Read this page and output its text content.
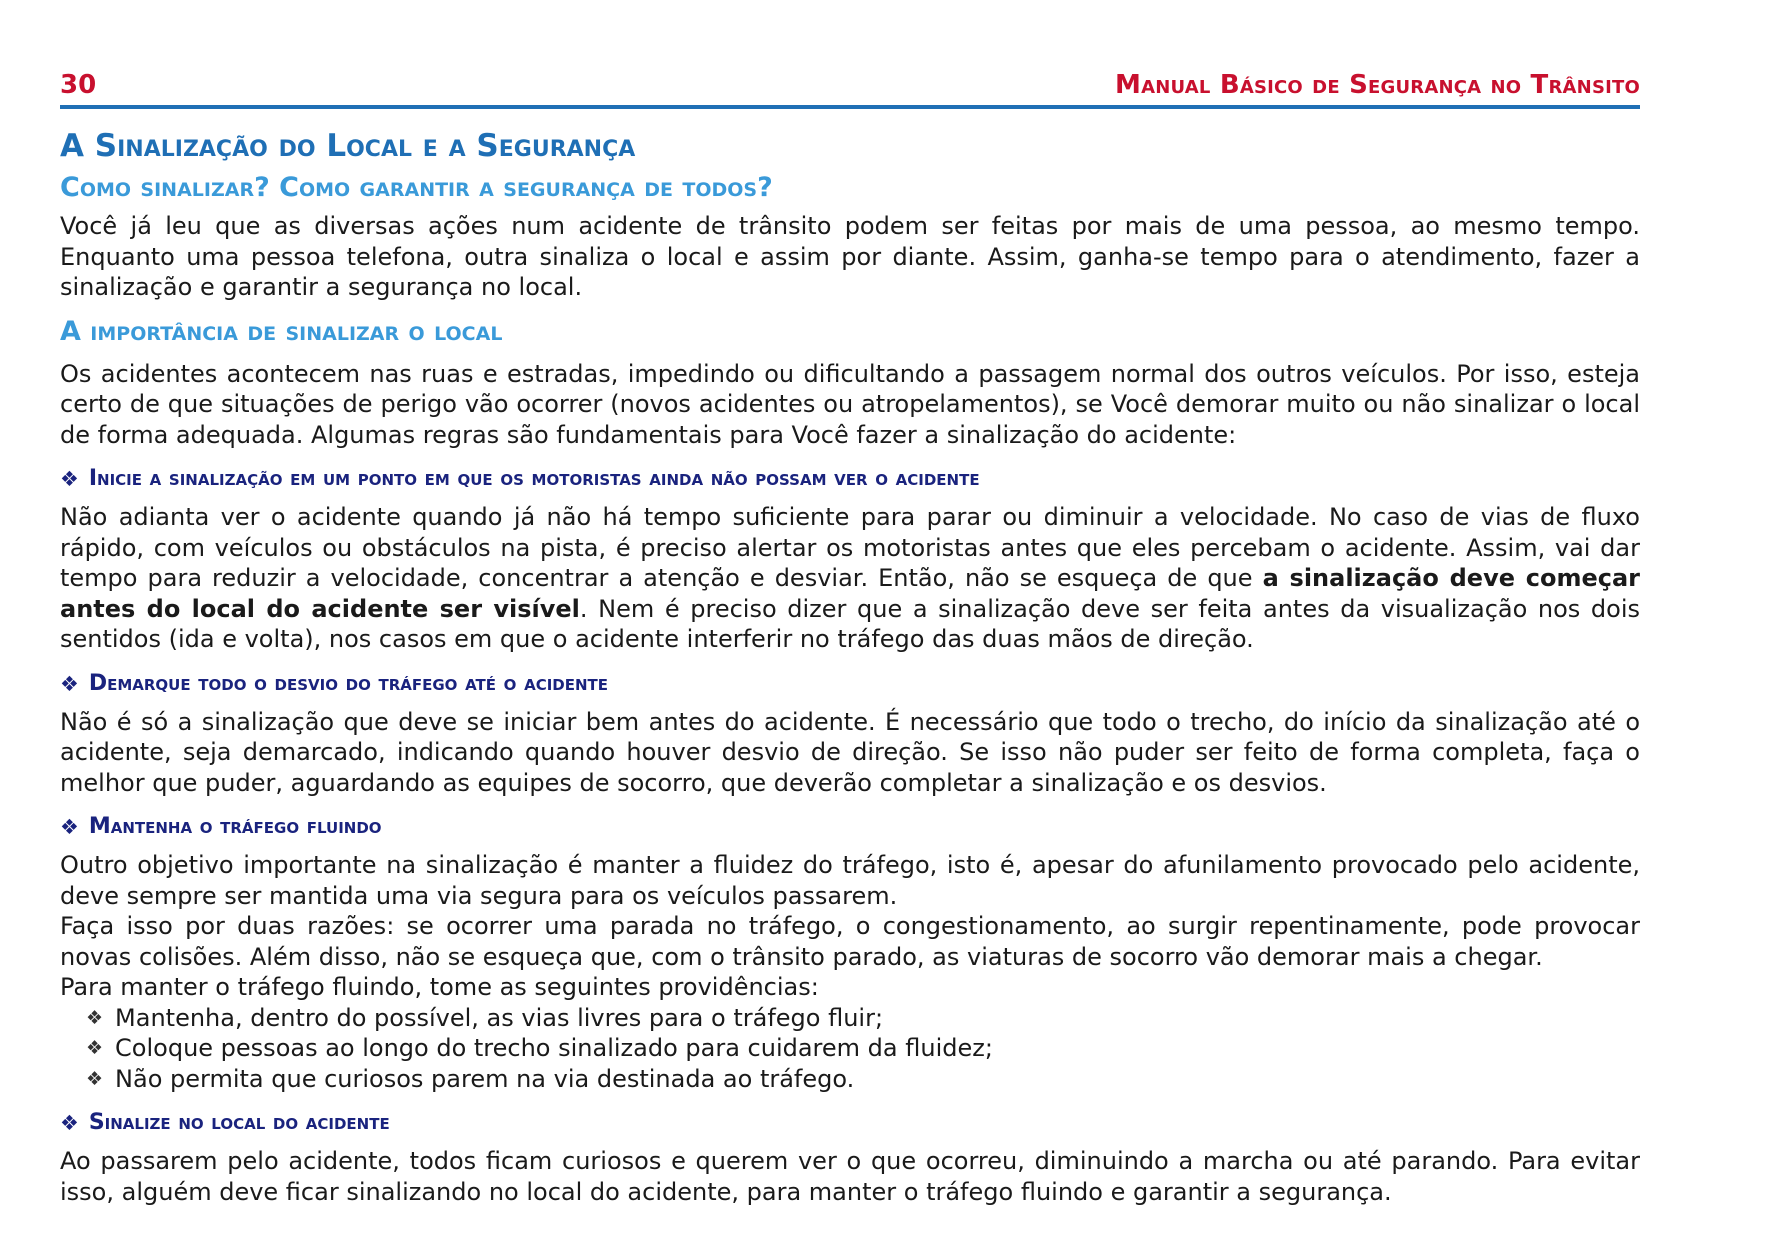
30	Manual Básico de Segurança no Trânsito
A Sinalização do Local e a Segurança
Como sinalizar? Como garantir a segurança de todos?

Você já leu que as diversas ações num acidente de trânsito podem ser feitas por mais de uma pessoa, ao mesmo tempo. Enquanto uma pessoa telefona, outra sinaliza o local e assim por diante. Assim, ganha-se tempo para o atendimento, fazer a sinalização e garantir a segurança no local.

A importância de sinalizar o local

Os acidentes acontecem nas ruas e estradas, impedindo ou dificultando a passagem normal dos outros veículos. Por isso, esteja certo de que situações de perigo vão ocorrer (novos acidentes ou atropelamentos), se Você demorar muito ou não sinalizar o local de forma adequada. Algumas regras são fundamentais para Você fazer a sinalização do acidente:

❖ Inicie a sinalização em um ponto em que os motoristas ainda não possam ver o acidente

Não adianta ver o acidente quando já não há tempo suficiente para parar ou diminuir a velocidade. No caso de vias de fluxo rápido, com veículos ou obstáculos na pista, é preciso alertar os motoristas antes que eles percebam o acidente. Assim, vai dar tempo para reduzir a velocidade, concentrar a atenção e desviar. Então, não se esqueça de que a sinalização deve começar antes do local do acidente ser visível. Nem é preciso dizer que a sinalização deve ser feita antes da visualização nos dois sentidos (ida e volta), nos casos em que o acidente interferir no tráfego das duas mãos de direção.

❖ Demarque todo o desvio do tráfego até o acidente

Não é só a sinalização que deve se iniciar bem antes do acidente. É necessário que todo o trecho, do início da sinalização até o acidente, seja demarcado, indicando quando houver desvio de direção. Se isso não puder ser feito de forma completa, faça o melhor que puder, aguardando as equipes de socorro, que deverão completar a sinalização e os desvios.

❖ Mantenha o tráfego fluindo

Outro objetivo importante na sinalização é manter a fluidez do tráfego, isto é, apesar do afunilamento provocado pelo acidente, deve sempre ser mantida uma via segura para os veículos passarem.

Faça isso por duas razões: se ocorrer uma parada no tráfego, o congestionamento, ao surgir repentinamente, pode provocar novas colisões. Além disso, não se esqueça que, com o trânsito parado, as viaturas de socorro vão demorar mais a chegar.

Para manter o tráfego fluindo, tome as seguintes providências:

❖ Mantenha, dentro do possível, as vias livres para o tráfego fluir;
❖ Coloque pessoas ao longo do trecho sinalizado para cuidarem da fluidez;
❖ Não permita que curiosos parem na via destinada ao tráfego.
❖ Sinalize no local do acidente

Ao passarem pelo acidente, todos ficam curiosos e querem ver o que ocorreu, diminuindo a marcha ou até parando. Para evitar isso, alguém deve ficar sinalizando no local do acidente, para manter o tráfego fluindo e garantir a segurança.
